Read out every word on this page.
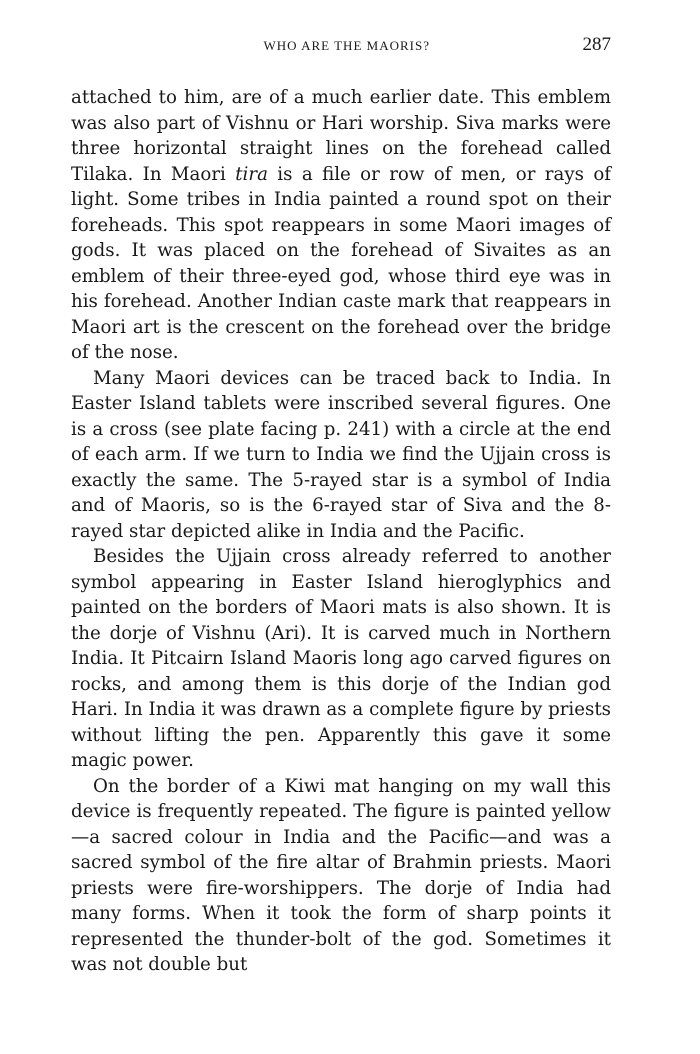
WHO ARE THE MAORIS?	287

attached to him, are of a much earlier date. This emblem was also part of Vishnu or Hari worship. Siva marks were three horizontal straight lines on the forehead called Tilaka. In Maori tira is a file or row of men, or rays of light. Some tribes in India painted a round spot on their foreheads. This spot reappears in some Maori images of gods. It was placed on the forehead of Sivaites as an emblem of their three-eyed god, whose third eye was in his forehead. Another Indian caste mark that reappears in Maori art is the crescent on the forehead over the bridge of the nose.

Many Maori devices can be traced back to India. In Easter Island tablets were inscribed several figures. One is a cross (see plate facing p. 241) with a circle at the end of each arm. If we turn to India we find the Ujjain cross is exactly the same. The 5-rayed star is a symbol of India and of Maoris, so is the 6-rayed star of Siva and the 8-rayed star depicted alike in India and the Pacific.

Besides the Ujjain cross already referred to another symbol appearing in Easter Island hieroglyphics and painted on the borders of Maori mats is also shown. It is the dorje of Vishnu (Ari). It is carved much in Northern India. It Pitcairn Island Maoris long ago carved figures on rocks, and among them is this dorje of the Indian god Hari. In India it was drawn as a complete figure by priests without lifting the pen. Apparently this gave it some magic power.

On the border of a Kiwi mat hanging on my wall this device is frequently repeated. The figure is painted yellow—a sacred colour in India and the Pacific—and was a sacred symbol of the fire altar of Brahmin priests. Maori priests were fire-worshippers. The dorje of India had many forms. When it took the form of sharp points it represented the thunder-bolt of the god. Sometimes it was not double but
